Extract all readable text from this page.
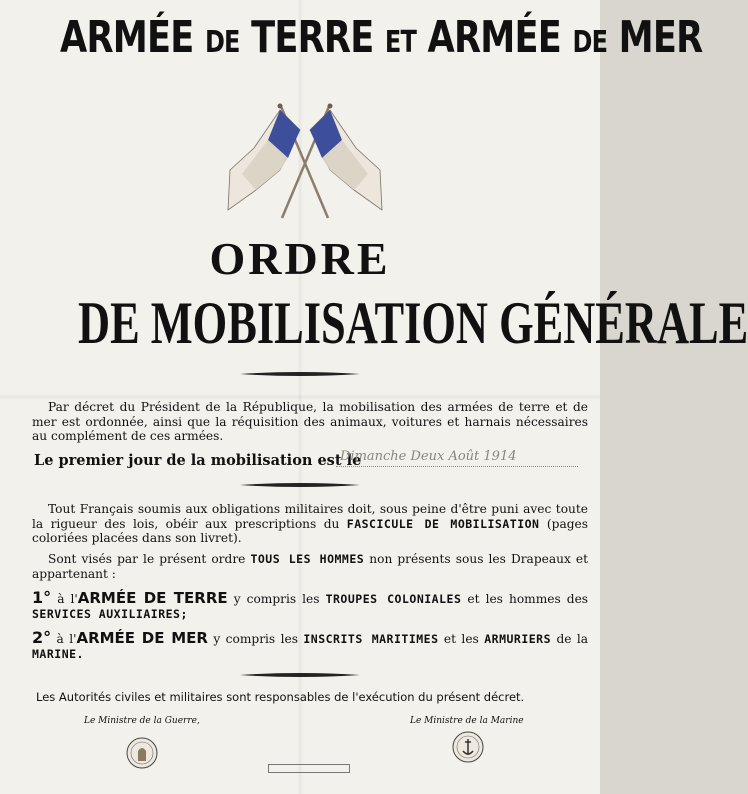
ARMÉE DE TERRE ET ARMÉE DE MER
ORDRE
DE MOBILISATION GÉNÉRALE
Par décret du Président de la République, la mobilisation des armées de terre et de mer est ordonnée, ainsi que la réquisition des animaux, voitures et harnais nécessaires au complément de ces armées.
Le premier jour de la mobilisation est le
Dimanche Deux Août 1914
Tout Français soumis aux obligations militaires doit, sous peine d'être puni avec toute la rigueur des lois, obéir aux prescriptions du FASCICULE DE MOBILISATION (pages coloriées placées dans son livret).
Sont visés par le présent ordre TOUS LES HOMMES non présents sous les Drapeaux et appartenant :
1° à l'ARMÉE DE TERRE y compris les TROUPES COLONIALES et les hommes des SERVICES AUXILIAIRES;
2° à l'ARMÉE DE MER y compris les INSCRITS MARITIMES et les ARMURIERS de la MARINE.
Les Autorités civiles et militaires sont responsables de l'exécution du présent décret.
Le Ministre de la Guerre,	Le Ministre de la Marine
